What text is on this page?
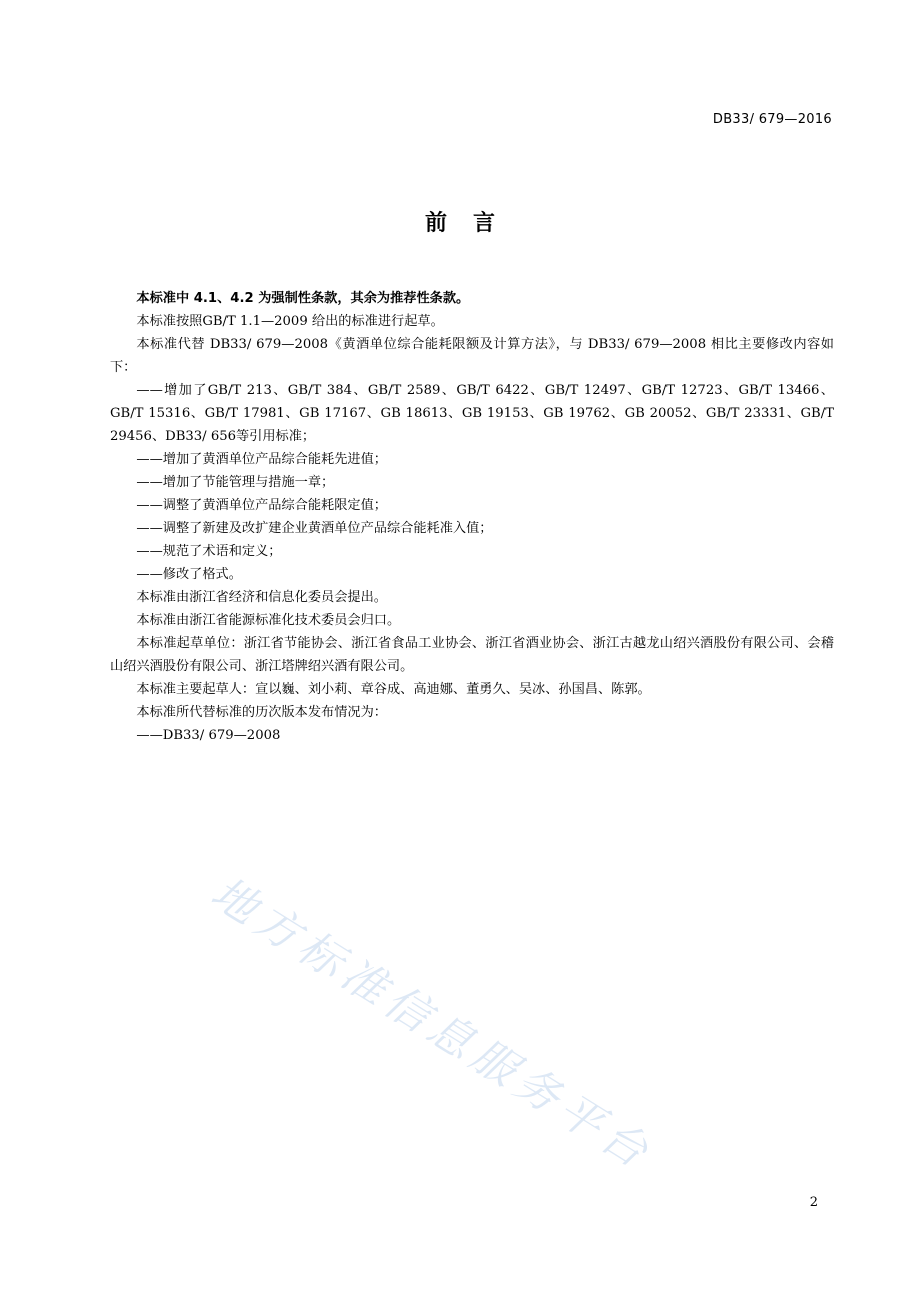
DB33/ 679—2016
前言

本标准中 4.1、4.2 为强制性条款，其余为推荐性条款。

本标准按照GB/T 1.1—2009 给出的标准进行起草。

本标准代替 DB33/ 679—2008《黄酒单位综合能耗限额及计算方法》，与 DB33/ 679—2008 相比主要修改内容如下：

——增加了GB/T 213、GB/T 384、GB/T 2589、GB/T 6422、GB/T 12497、GB/T 12723、GB/T 13466、GB/T 15316、GB/T 17981、GB 17167、GB 18613、GB 19153、GB 19762、GB 20052、GB/T 23331、GB/T 29456、DB33/ 656等引用标准；

——增加了黄酒单位产品综合能耗先进值；

——增加了节能管理与措施一章；

——调整了黄酒单位产品综合能耗限定值；

——调整了新建及改扩建企业黄酒单位产品综合能耗准入值；

——规范了术语和定义；

——修改了格式。

本标准由浙江省经济和信息化委员会提出。

本标准由浙江省能源标准化技术委员会归口。

本标准起草单位：浙江省节能协会、浙江省食品工业协会、浙江省酒业协会、浙江古越龙山绍兴酒股份有限公司、会稽山绍兴酒股份有限公司、浙江塔牌绍兴酒有限公司。

本标准主要起草人：宣以巍、刘小莉、章谷成、高迪娜、董勇久、吴冰、孙国昌、陈郭。

本标准所代替标准的历次版本发布情况为：

——DB33/ 679—2008

地方标准信息服务平台
2
